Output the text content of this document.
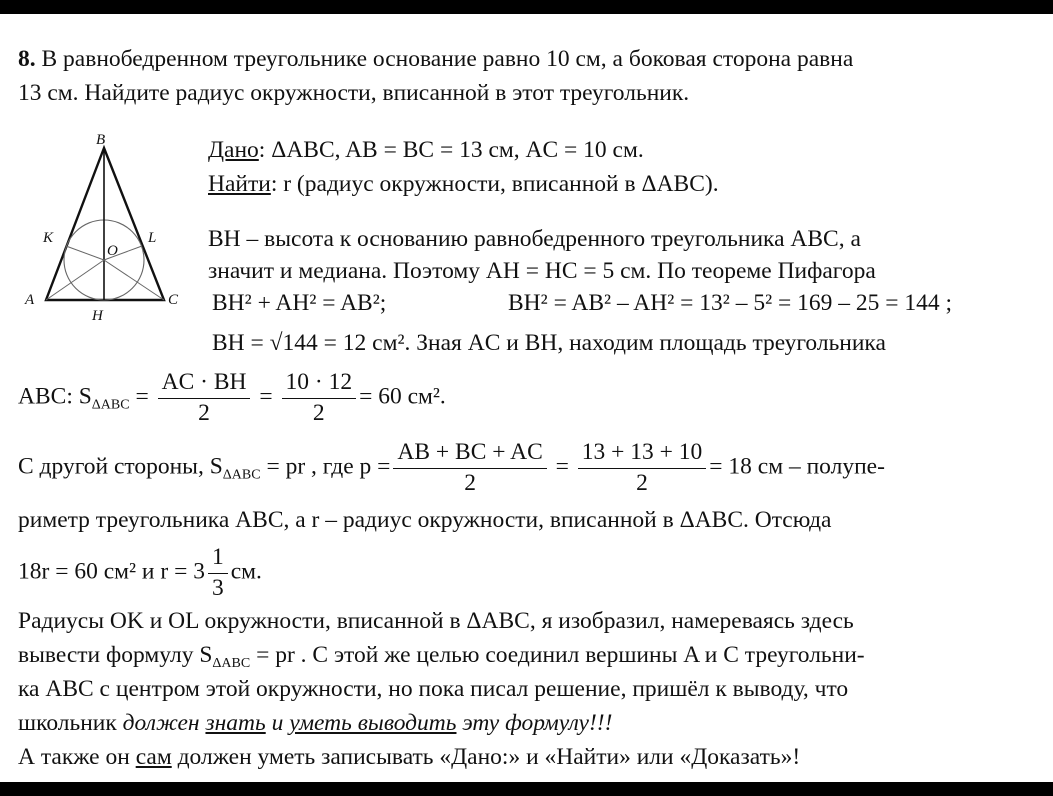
8. В равнобедренном треугольнике основание равно 10 см, а боковая сторона равна
13 см. Найдите радиус окружности, вписанной в этот треугольник.
B
K	L
O
A	C
H
Дано: ΔABC, AB = BC = 13 см, AC = 10 см.
Найти: r (радиус окружности, вписанной в ΔABC).
BH – высота к основанию равнобедренного треугольника ABC, а
значит и медиана. Поэтому AH = HC = 5 см. По теореме Пифагора
BH² + AH² = AB²;	BH² = AB² – AH² = 13² – 5² = 169 – 25 = 144 ;
BH = √144 = 12 см². Зная AC и BH, находим площадь треугольника
ABC: $S_{\Delta ABC} = \frac{AC \cdot BH}{2} = \frac{10 \cdot 12}{2} = 60$ см².
С другой стороны, $S_{\Delta ABC}$ = pr , где $p = \frac{AB + BC + AC}{2} = \frac{13 + 13 + 10}{2} = 18$ см – полупе-
риметр треугольника ABC, а r – радиус окружности, вписанной в ΔABC. Отсюда
18r = 60 см² и $r = 3 \frac{1}{3}$ см.
Радиусы OK и OL окружности, вписанной в ΔABC, я изобразил, намереваясь здесь
вывести формулу $S_{\Delta ABC}$ = pr . С этой же целью соединил вершины A и C треугольни-
ка ABC с центром этой окружности, но пока писал решение, пришёл к выводу, что
школьник должен знать и уметь выводить эту формулу!!!
А также он сам должен уметь записывать «Дано:» и «Найти» или «Доказать»!
